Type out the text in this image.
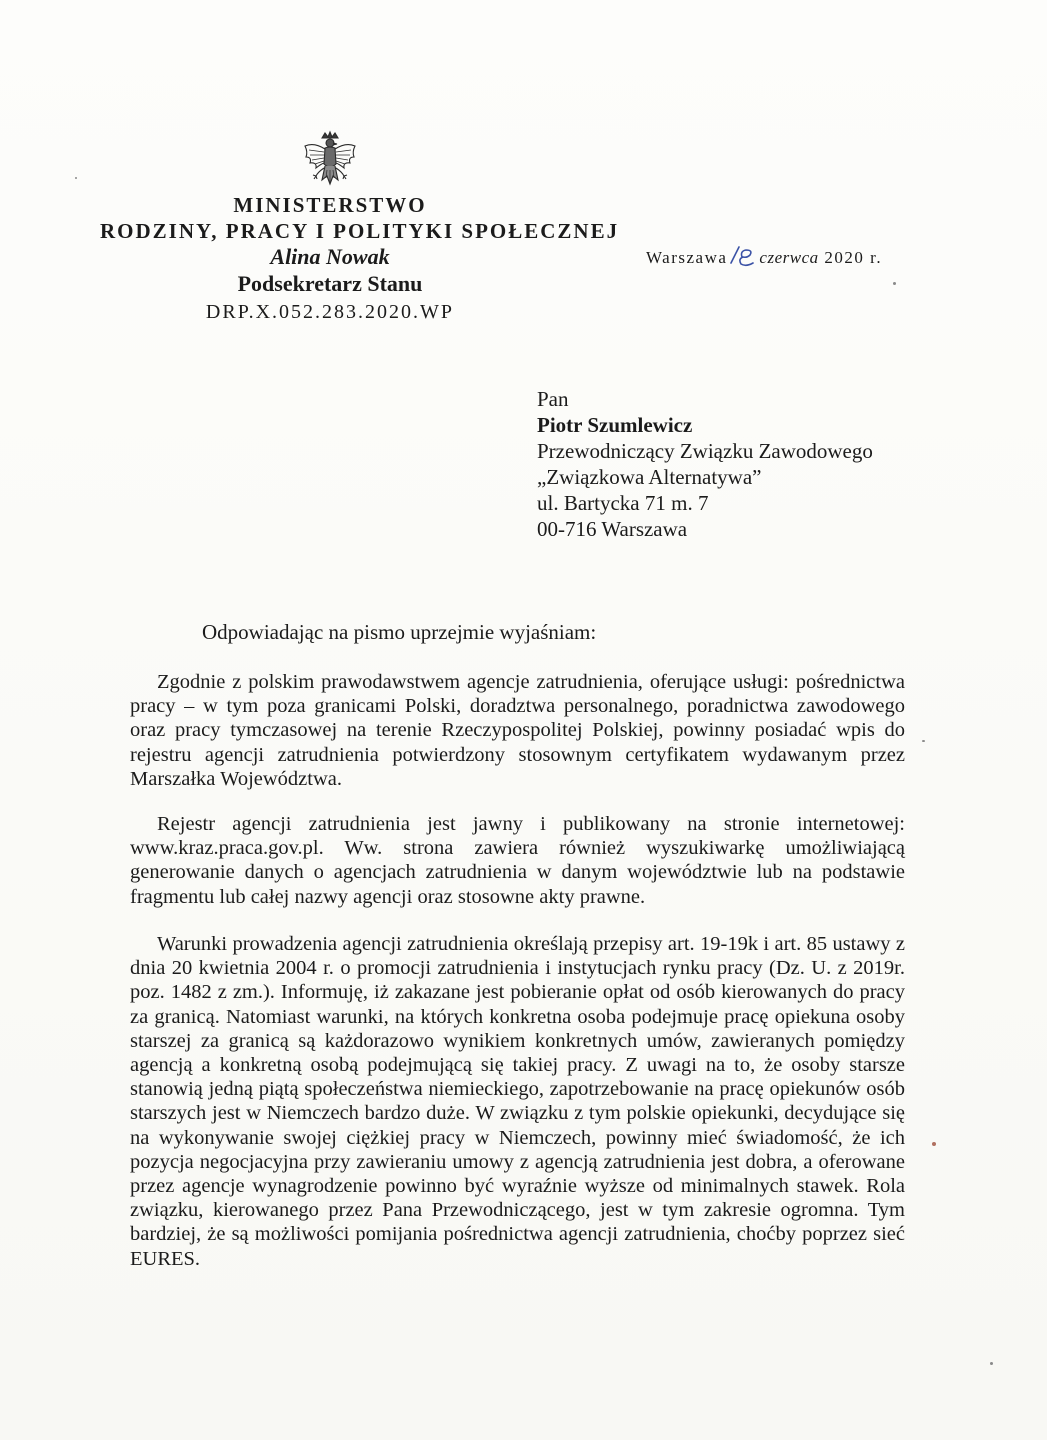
MINISTERSTWO
RODZINY, PRACY I POLITYKI SPOŁECZNEJ
Alina Nowak
Podsekretarz Stanu
DRP.X.052.283.2020.WP
Warszawa czerwca 2020 r.
Pan
Piotr Szumlewicz
Przewodniczący Związku Zawodowego
„Związkowa Alternatywa”
ul. Bartycka 71 m. 7
00-716 Warszawa
Odpowiadając na pismo uprzejmie wyjaśniam:
Zgodnie z polskim prawodawstwem agencje zatrudnienia, oferujące usługi: pośrednictwa pracy – w tym poza granicami Polski, doradztwa personalnego, poradnictwa zawodowego oraz pracy tymczasowej na terenie Rzeczypospolitej Polskiej, powinny posiadać wpis do rejestru agencji zatrudnienia potwierdzony stosownym certyfikatem wydawanym przez Marszałka Województwa.
Rejestr agencji zatrudnienia jest jawny i publikowany na stronie internetowej: www.kraz.praca.gov.pl. Ww. strona zawiera również wyszukiwarkę umożliwiającą generowanie danych o agencjach zatrudnienia w danym województwie lub na podstawie fragmentu lub całej nazwy agencji oraz stosowne akty prawne.
Warunki prowadzenia agencji zatrudnienia określają przepisy art. 19-19k i art. 85 ustawy z dnia 20 kwietnia 2004 r. o promocji zatrudnienia i instytucjach rynku pracy (Dz. U. z 2019r. poz. 1482 z zm.). Informuję, iż zakazane jest pobieranie opłat od osób kierowanych do pracy za granicą. Natomiast warunki, na których konkretna osoba podejmuje pracę opiekuna osoby starszej za granicą są każdorazowo wynikiem konkretnych umów, zawieranych pomiędzy agencją a konkretną osobą podejmującą się takiej pracy. Z uwagi na to, że osoby starsze stanowią jedną piątą społeczeństwa niemieckiego, zapotrzebowanie na pracę opiekunów osób starszych jest w Niemczech bardzo duże. W związku z tym polskie opiekunki, decydujące się na wykonywanie swojej ciężkiej pracy w Niemczech, powinny mieć świadomość, że ich pozycja negocjacyjna przy zawieraniu umowy z agencją zatrudnienia jest dobra, a oferowane przez agencje wynagrodzenie powinno być wyraźnie wyższe od minimalnych stawek. Rola związku, kierowanego przez Pana Przewodniczącego, jest w tym zakresie ogromna. Tym bardziej, że są możliwości pomijania pośrednictwa agencji zatrudnienia, choćby poprzez sieć EURES.
